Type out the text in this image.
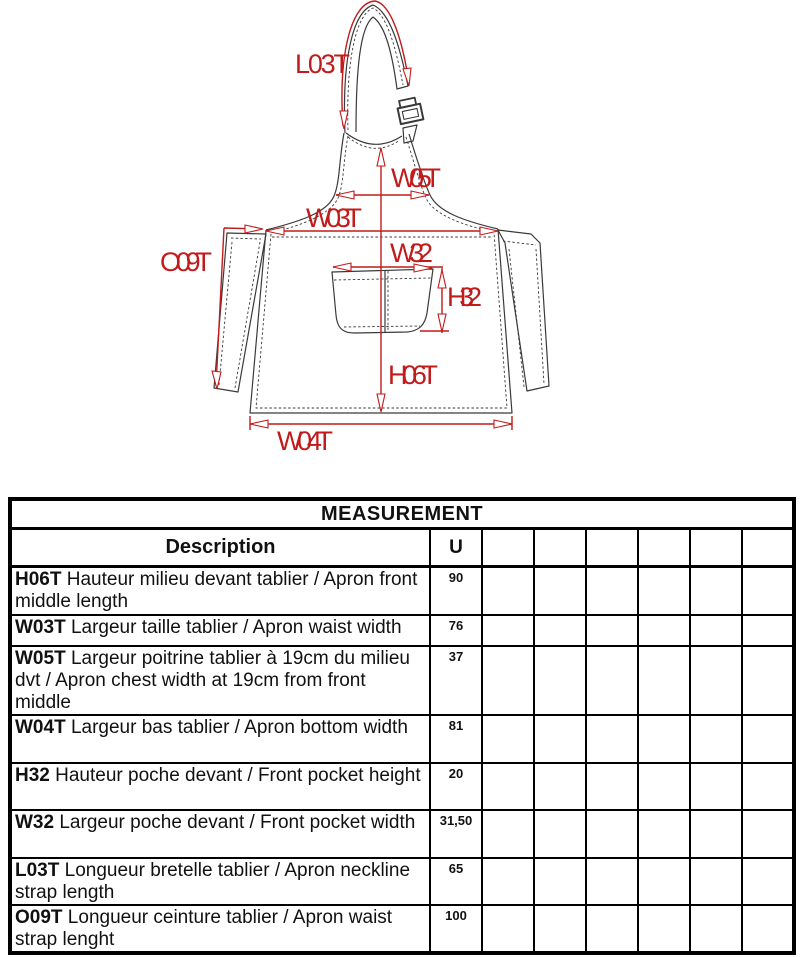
L03T
W05T
W03T
O09T	W32
H32
H06T
W04T
MEASUREMENT							
Description	U						
H06T Hauteur milieu devant tablier / Apron front middle length	90						
W03T Largeur taille tablier / Apron waist width	76						
W05T Largeur poitrine tablier à 19cm du milieu dvt / Apron chest width at 19cm from front middle	37						
W04T Largeur bas tablier / Apron bottom width	81						
H32 Hauteur poche devant / Front pocket height	20						
W32 Largeur poche devant / Front pocket width	31,50						
L03T Longueur bretelle tablier / Apron neckline strap length	65						
O09T Longueur ceinture tablier / Apron waist strap lenght	100						
